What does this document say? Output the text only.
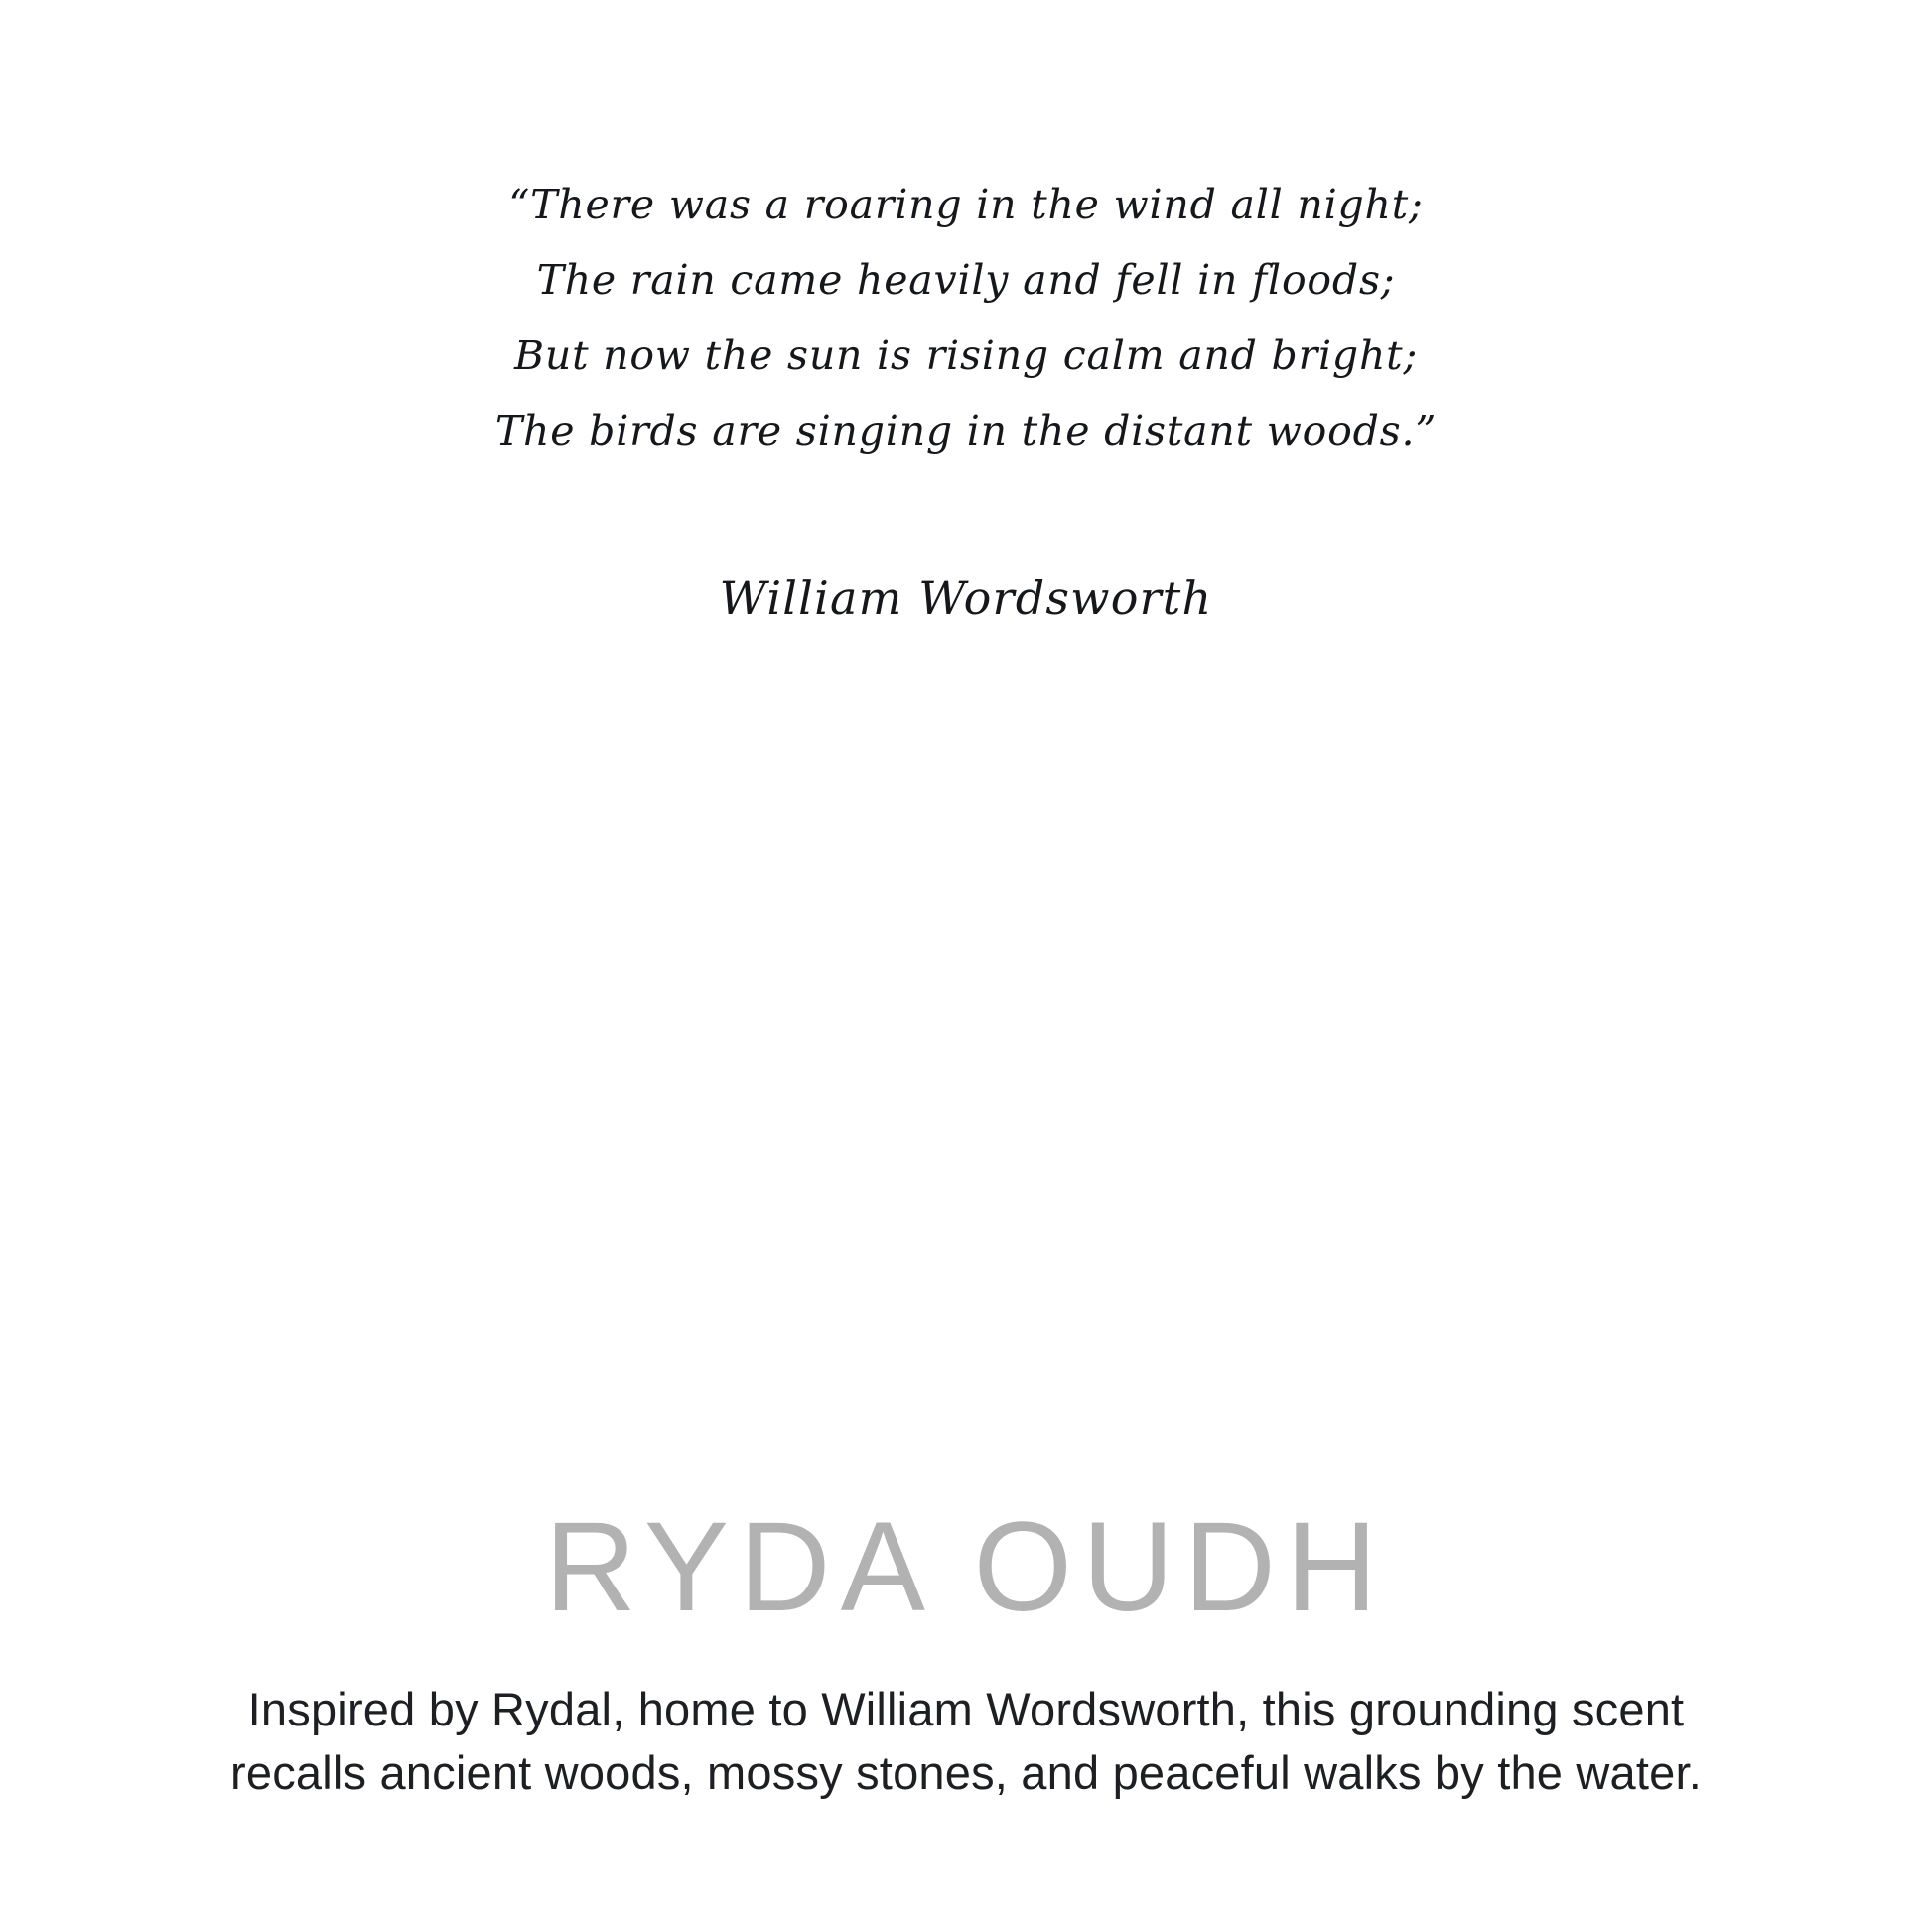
“There was a roaring in the wind all night;
The rain came heavily and fell in floods;
But now the sun is rising calm and bright;
The birds are singing in the distant woods.”
William Wordsworth
RYDA OUDH
Inspired by Rydal, home to William Wordsworth, this grounding scent recalls ancient woods, mossy stones, and peaceful walks by the water.
